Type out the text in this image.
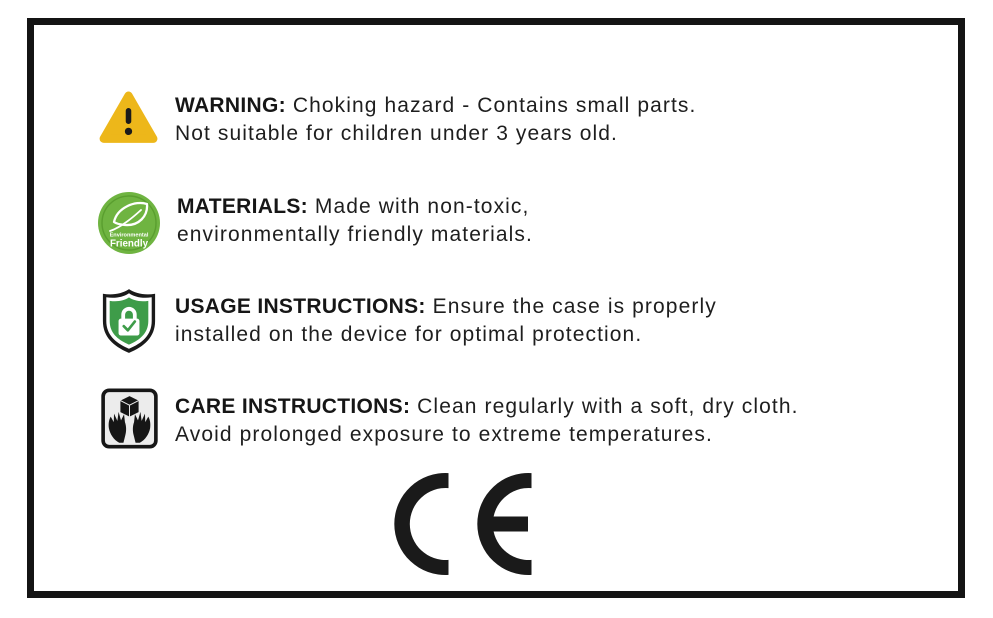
WARNING: Choking hazard - Contains small parts.
Not suitable for children under 3 years old.
Environmental
Friendly
MATERIALS: Made with non-toxic,
environmentally friendly materials.
USAGE INSTRUCTIONS: Ensure the case is properly
installed on the device for optimal protection.
CARE INSTRUCTIONS: Clean regularly with a soft, dry cloth.
Avoid prolonged exposure to extreme temperatures.
